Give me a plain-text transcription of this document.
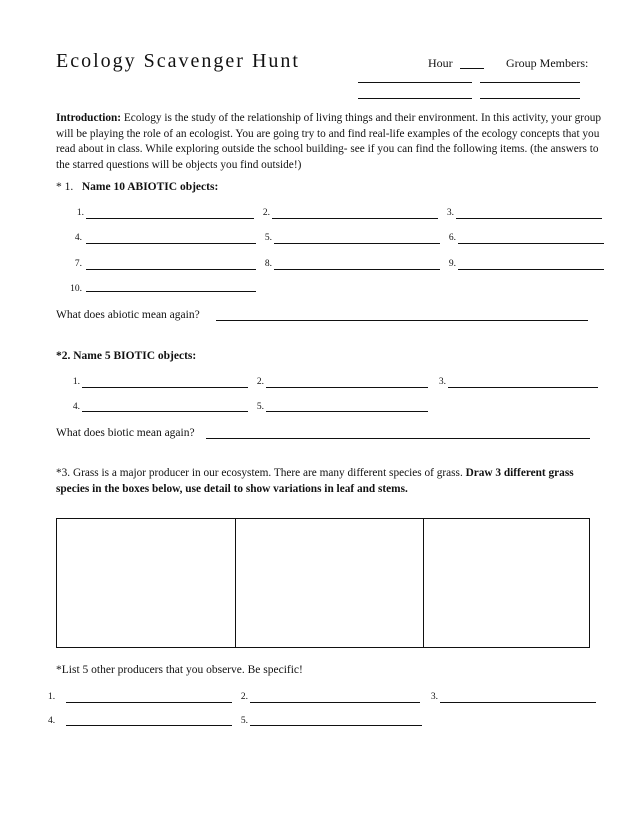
Ecology Scavenger Hunt	Hour	Group Members:
Introduction: Ecology is the study of the relationship of living things and their environment. In this activity, your group will be playing the role of an ecologist. You are going try to and find real-life examples of the ecology concepts that you read about in class. While exploring outside the school building- see if you can find the following items. (the answers to the starred questions will be objects you find outside!)
* 1. Name 10 ABIOTIC objects:
1.	2.	3.
4.	5.	6.
7.	8.	9.
10.
What does abiotic mean again?
*2. Name 5 BIOTIC objects:
1.	2.	3.
4.	5.
What does biotic mean again?
*3. Grass is a major producer in our ecosystem. There are many different species of grass. Draw 3 different grass species in the boxes below, use detail to show variations in leaf and stems.
*List 5 other producers that you observe. Be specific!
1.	2.	3.
4.	5.
